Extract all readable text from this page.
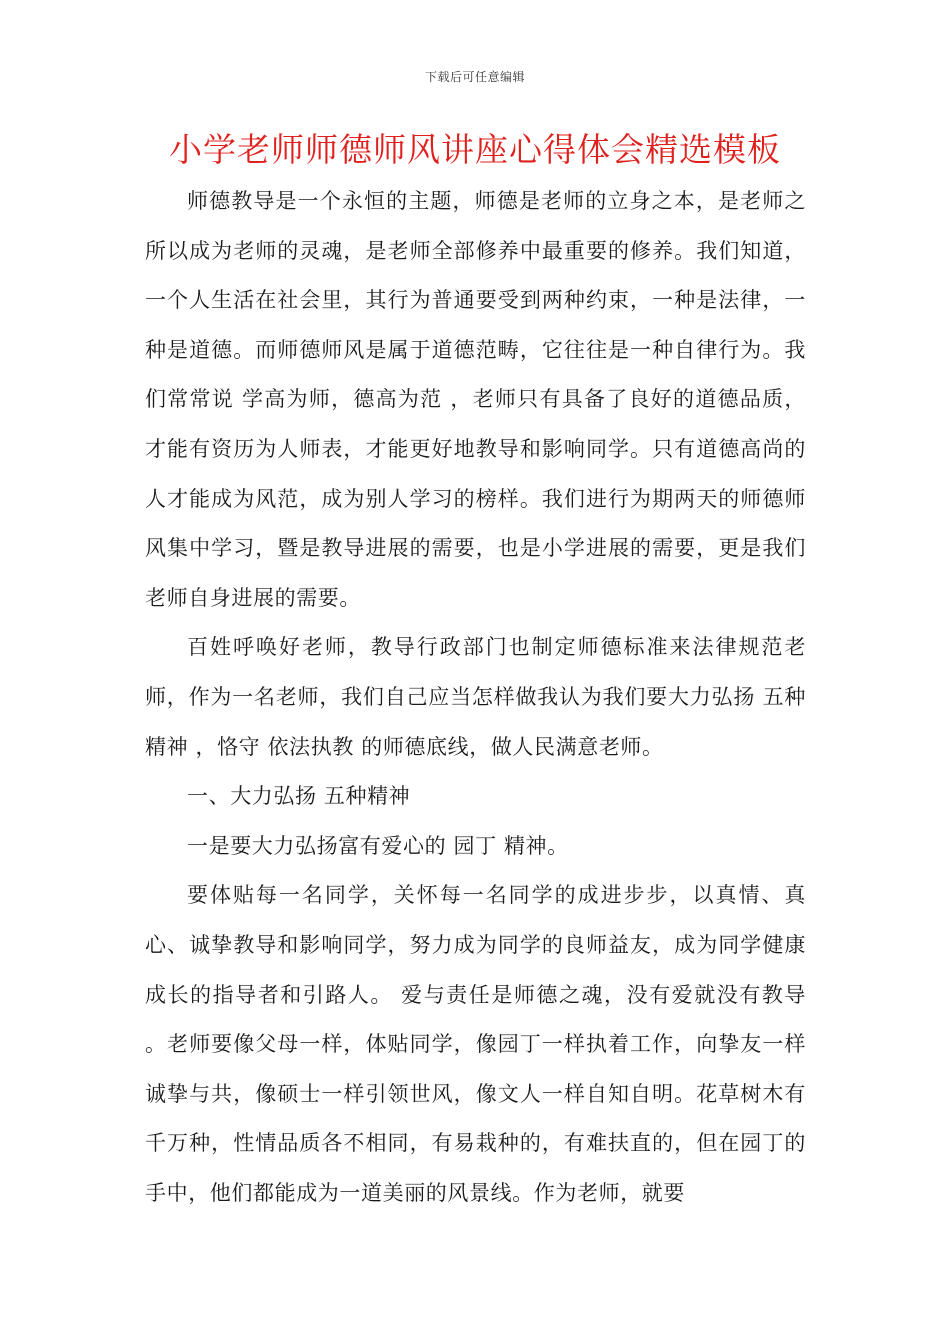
下载后可任意编辑
小学老师师德师风讲座心得体会精选模板

师德教导是一个永恒的主题，师德是老师的立身之本，是老师之所以成为老师的灵魂，是老师全部修养中最重要的修养。我们知道，一个人生活在社会里，其行为普通要受到两种约束，一种是法律，一种是道德。而师德师风是属于道德范畴，它往往是一种自律行为。我们常常说 学高为师，德高为范 ，老师只有具备了良好的道德品质，才能有资历为人师表，才能更好地教导和影响同学。只有道德高尚的人才能成为风范，成为别人学习的榜样。我们进行为期两天的师德师风集中学习，暨是教导进展的需要，也是小学进展的需要，更是我们老师自身进展的需要。

百姓呼唤好老师，教导行政部门也制定师德标准来法律规范老师，作为一名老师，我们自己应当怎样做我认为我们要大力弘扬 五种精神 ，恪守 依法执教 的师德底线，做人民满意老师。

一、大力弘扬 五种精神

一是要大力弘扬富有爱心的 园丁 精神。

要体贴每一名同学，关怀每一名同学的成进步步，以真情、真心、诚挚教导和影响同学，努力成为同学的良师益友，成为同学健康成长的指导者和引路人。 爱与责任是师德之魂，没有爱就没有教导 。老师要像父母一样，体贴同学，像园丁一样执着工作，向挚友一样诚挚与共，像硕士一样引领世风，像文人一样自知自明。花草树木有千万种，性情品质各不相同，有易栽种的，有难扶直的，但在园丁的手中，他们都能成为一道美丽的风景线。作为老师，就要
